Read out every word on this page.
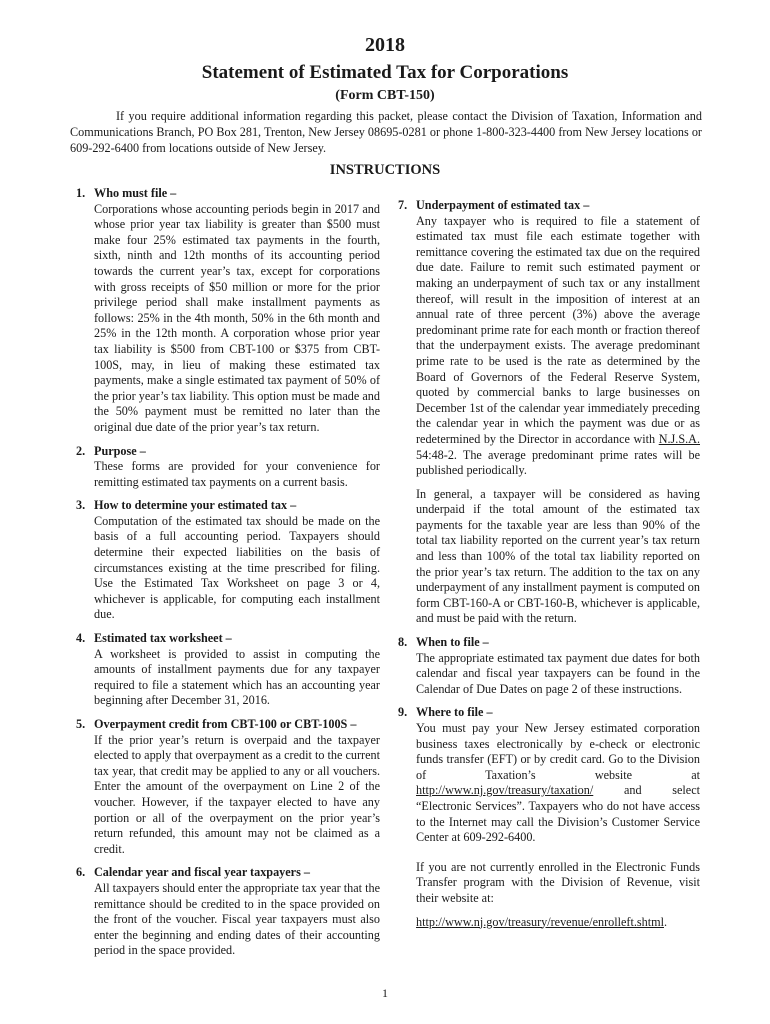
2018
Statement of Estimated Tax for Corporations
(Form CBT-150)
If you require additional information regarding this packet, please contact the Division of Taxation, Information and Communications Branch, PO Box 281, Trenton, New Jersey 08695-0281 or phone 1-800-323-4400 from New Jersey locations or 609-292-6400 from locations outside of New Jersey.
INSTRUCTIONS
1. Who must file –
Corporations whose accounting periods begin in 2017 and whose prior year tax liability is greater than $500 must make four 25% estimated tax payments in the fourth, sixth, ninth and 12th months of its accounting period towards the current year’s tax, except for corporations with gross receipts of $50 million or more for the prior privilege period shall make installment payments as follows: 25% in the 4th month, 50% in the 6th month and 25% in the 12th month. A corporation whose prior year tax liability is $500 from CBT-100 or $375 from CBT-100S, may, in lieu of making these estimated tax payments, make a single estimated tax payment of 50% of the prior year’s tax liability. This option must be made and the 50% payment must be remitted no later than the original due date of the prior year’s tax return.
2. Purpose –
These forms are provided for your convenience for remitting estimated tax payments on a current basis.
3. How to determine your estimated tax –
Computation of the estimated tax should be made on the basis of a full accounting period. Taxpayers should determine their expected liabilities on the basis of circumstances existing at the time prescribed for filing. Use the Estimated Tax Worksheet on page 3 or 4, whichever is applicable, for computing each installment due.
4. Estimated tax worksheet –
A worksheet is provided to assist in computing the amounts of installment payments due for any taxpayer required to file a statement which has an accounting year beginning after December 31, 2016.
5. Overpayment credit from CBT-100 or CBT-100S –
If the prior year’s return is overpaid and the taxpayer elected to apply that overpayment as a credit to the current tax year, that credit may be applied to any or all vouchers. Enter the amount of the overpayment on Line 2 of the voucher. However, if the taxpayer elected to have any portion or all of the overpayment on the prior year’s return refunded, this amount may not be claimed as a credit.
6. Calendar year and fiscal year taxpayers –
All taxpayers should enter the appropriate tax year that the remittance should be credited to in the space provided on the front of the voucher. Fiscal year taxpayers must also enter the beginning and ending dates of their accounting period in the space provided.
7. Underpayment of estimated tax –
Any taxpayer who is required to file a statement of estimated tax must file each estimate together with remittance covering the estimated tax due on the required due date. Failure to remit such estimated payment or making an underpayment of such tax or any installment thereof, will result in the imposition of interest at an annual rate of three percent (3%) above the average predominant prime rate for each month or fraction thereof that the underpayment exists. The average predominant prime rate to be used is the rate as determined by the Board of Governors of the Federal Reserve System, quoted by commercial banks to large businesses on December 1st of the calendar year immediately preceding the calendar year in which the payment was due or as redetermined by the Director in accordance with N.J.S.A. 54:48-2. The average predominant prime rates will be published periodically.
In general, a taxpayer will be considered as having underpaid if the total amount of the estimated tax payments for the taxable year are less than 90% of the total tax liability reported on the current year’s tax return and less than 100% of the total tax liability reported on the prior year’s tax return. The addition to the tax on any underpayment of any installment payment is computed on form CBT-160-A or CBT-160-B, whichever is applicable, and must be paid with the return.
8. When to file –
The appropriate estimated tax payment due dates for both calendar and fiscal year taxpayers can be found in the Calendar of Due Dates on page 2 of these instructions.
9. Where to file –
You must pay your New Jersey estimated corporation business taxes electronically by e-check or electronic funds transfer (EFT) or by credit card. Go to the Division of Taxation’s website at http://www.nj.gov/treasury/taxation/ and select “Electronic Services”. Taxpayers who do not have access to the Internet may call the Division’s Customer Service Center at 609-292-6400.
If you are not currently enrolled in the Electronic Funds Transfer program with the Division of Revenue, visit their website at:
http://www.nj.gov/treasury/revenue/enrolleft.shtml.
1
